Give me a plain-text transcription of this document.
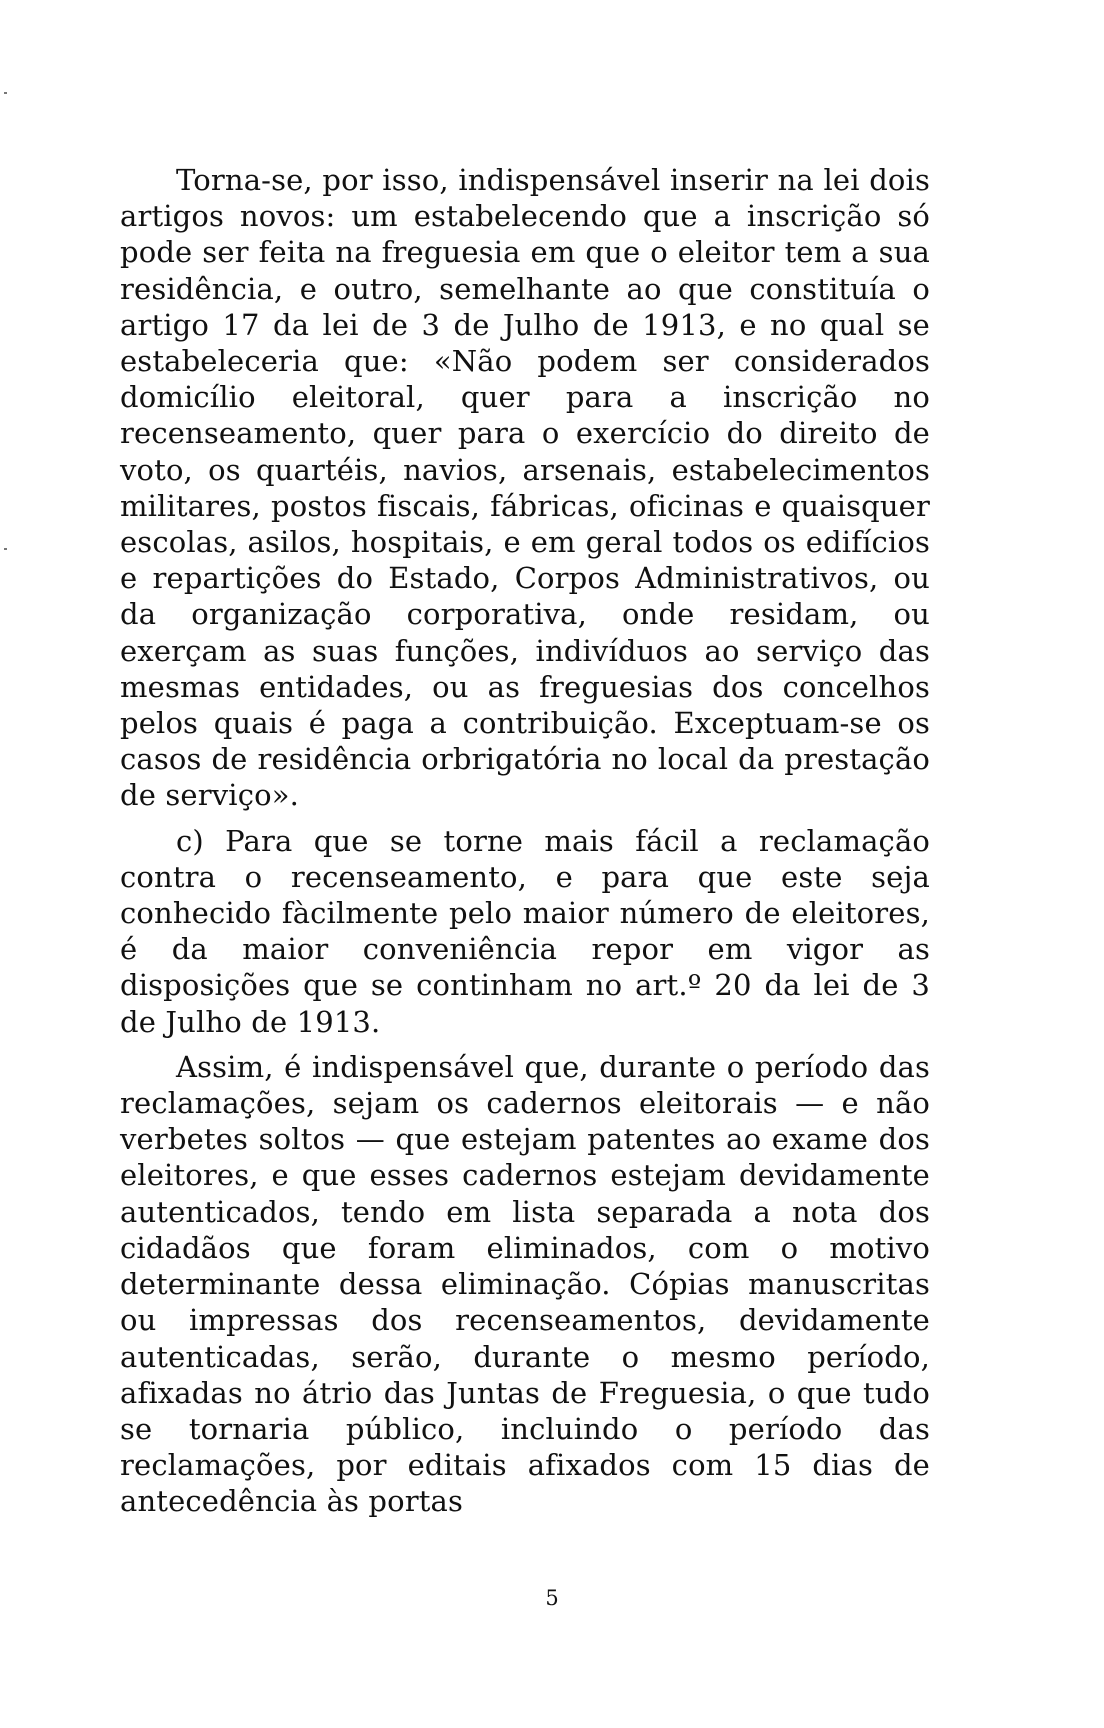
Torna-se, por isso, indispensável inserir na lei dois artigos novos: um estabelecendo que a inscrição só pode ser feita na freguesia em que o eleitor tem a sua residência, e outro, semelhante ao que constituía o artigo 17 da lei de 3 de Julho de 1913, e no qual se estabeleceria que: «Não podem ser considerados domicílio eleitoral, quer para a inscrição no recenseamento, quer para o exercício do direito de voto, os quartéis, navios, arsenais, estabelecimentos militares, postos fiscais, fábricas, oficinas e quaisquer escolas, asilos, hospitais, e em geral todos os edifícios e repartições do Estado, Corpos Administrativos, ou da organização corporativa, onde residam, ou exerçam as suas funções, indivíduos ao serviço das mesmas entidades, ou as freguesias dos concelhos pelos quais é paga a contribuição. Exceptuam-se os casos de residência orbrigatória no local da prestação de serviço».

c) Para que se torne mais fácil a reclamação contra o recenseamento, e para que este seja conhecido fàcilmente pelo maior número de eleitores, é da maior conveniência repor em vigor as disposições que se continham no art.º 20 da lei de 3 de Julho de 1913.

Assim, é indispensável que, durante o período das reclamações, sejam os cadernos eleitorais — e não verbetes soltos — que estejam patentes ao exame dos eleitores, e que esses cadernos estejam devidamente autenticados, tendo em lista separada a nota dos cidadãos que foram eliminados, com o motivo determinante dessa eliminação. Cópias manuscritas ou impressas dos recenseamentos, devidamente autenticadas, serão, durante o mesmo período, afixadas no átrio das Juntas de Freguesia, o que tudo se tornaria público, incluindo o período das reclamações, por editais afixados com 15 dias de antecedência às portas

5
